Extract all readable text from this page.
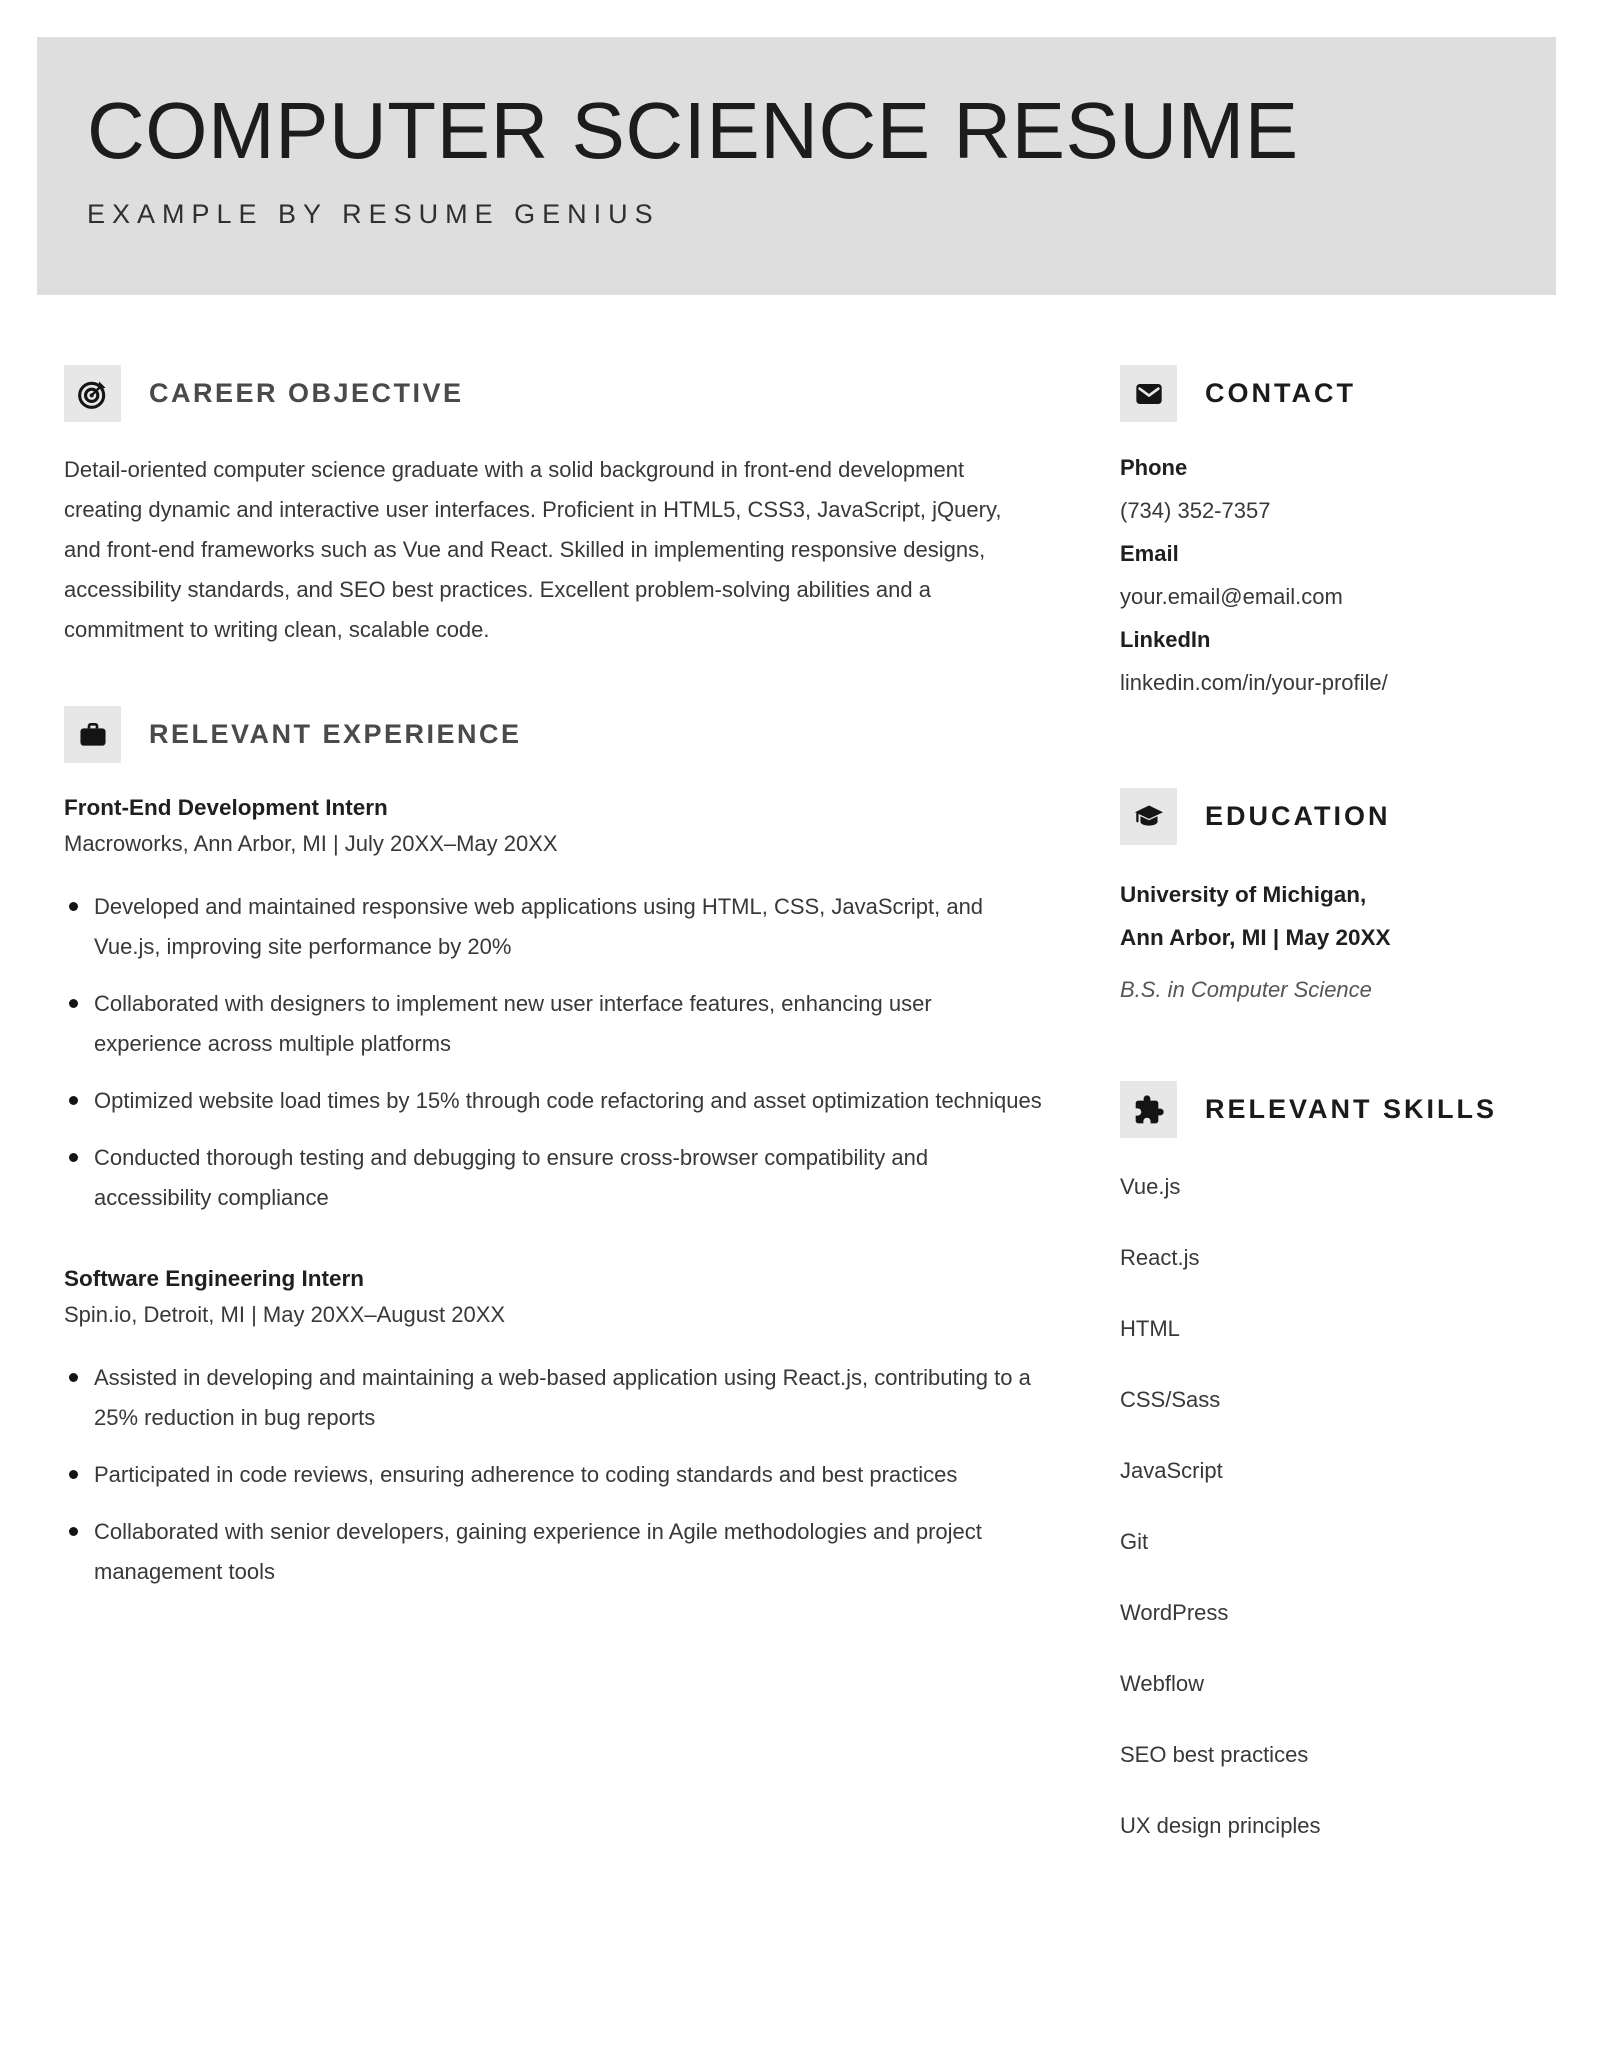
COMPUTER SCIENCE RESUME
EXAMPLE BY RESUME GENIUS
CAREER OBJECTIVE

Detail-oriented computer science graduate with a solid background in front-end development creating dynamic and interactive user interfaces. Proficient in HTML5, CSS3, JavaScript, jQuery, and front-end frameworks such as Vue and React. Skilled in implementing responsive designs, accessibility standards, and SEO best practices. Excellent problem-solving abilities and a commitment to writing clean, scalable code.

RELEVANT EXPERIENCE
Front-End Development Intern
Macroworks, Ann Arbor, MI | July 20XX–May 20XX
Developed and maintained responsive web applications using HTML, CSS, JavaScript, and Vue.js, improving site performance by 20%
Collaborated with designers to implement new user interface features, enhancing user experience across multiple platforms
Optimized website load times by 15% through code refactoring and asset optimization techniques
Conducted thorough testing and debugging to ensure cross-browser compatibility and accessibility compliance
Software Engineering Intern
Spin.io, Detroit, MI | May 20XX–August 20XX
Assisted in developing and maintaining a web-based application using React.js, contributing to a 25% reduction in bug reports
Participated in code reviews, ensuring adherence to coding standards and best practices
Collaborated with senior developers, gaining experience in Agile methodologies and project management tools
CONTACT
Phone
(734) 352-7357
Email
your.email@email.com
LinkedIn
linkedin.com/in/your-profile/
EDUCATION
University of Michigan,
Ann Arbor, MI | May 20XX
B.S. in Computer Science
RELEVANT SKILLS
Vue.js
React.js
HTML
CSS/Sass
JavaScript
Git
WordPress
Webflow
SEO best practices
UX design principles
